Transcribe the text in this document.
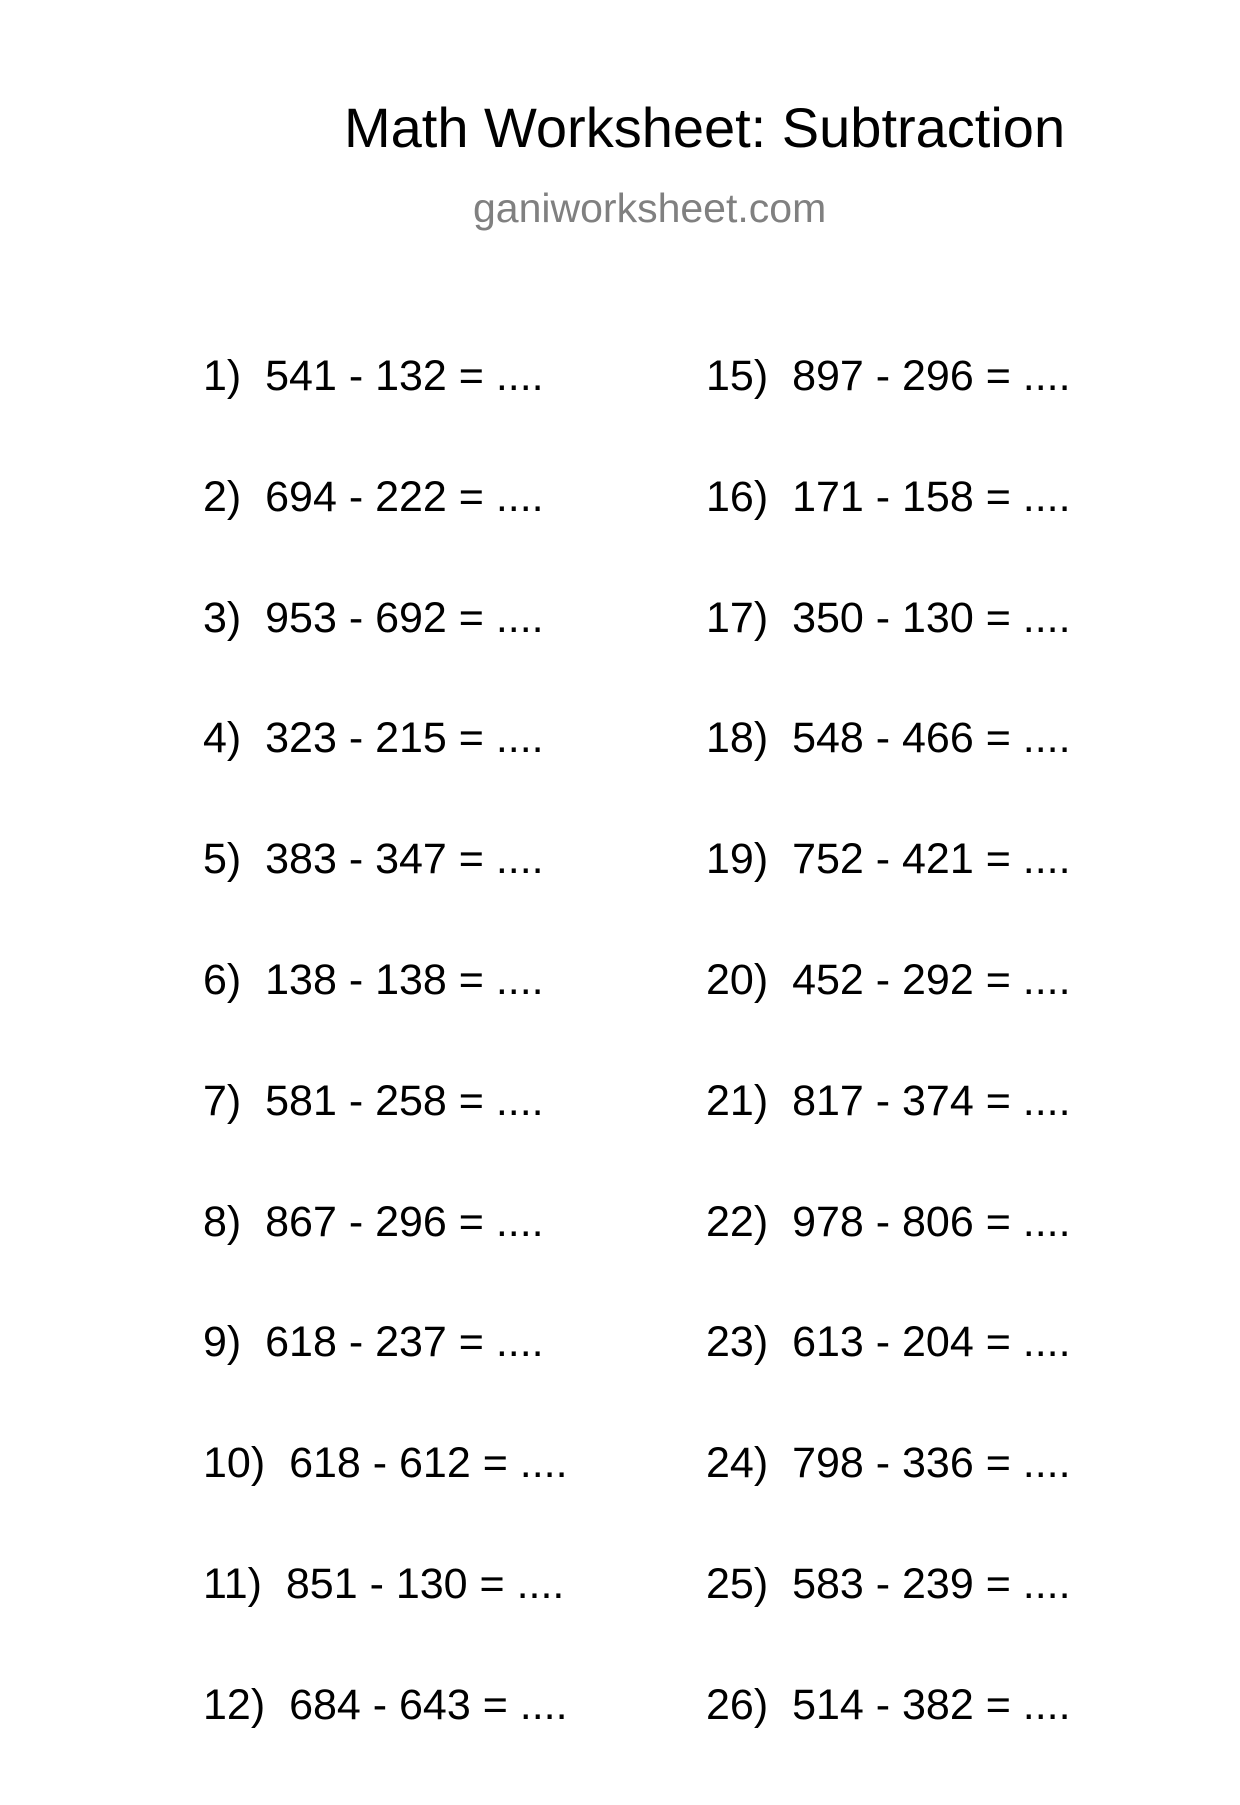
Math Worksheet: Subtraction
ganiworksheet.com
1) 541 - 132 = ....
2) 694 - 222 = ....
3) 953 - 692 = ....
4) 323 - 215 = ....
5) 383 - 347 = ....
6) 138 - 138 = ....
7) 581 - 258 = ....
8) 867 - 296 = ....
9) 618 - 237 = ....
10) 618 - 612 = ....
11) 851 - 130 = ....
12) 684 - 643 = ....
15) 897 - 296 = ....
16) 171 - 158 = ....
17) 350 - 130 = ....
18) 548 - 466 = ....
19) 752 - 421 = ....
20) 452 - 292 = ....
21) 817 - 374 = ....
22) 978 - 806 = ....
23) 613 - 204 = ....
24) 798 - 336 = ....
25) 583 - 239 = ....
26) 514 - 382 = ....
